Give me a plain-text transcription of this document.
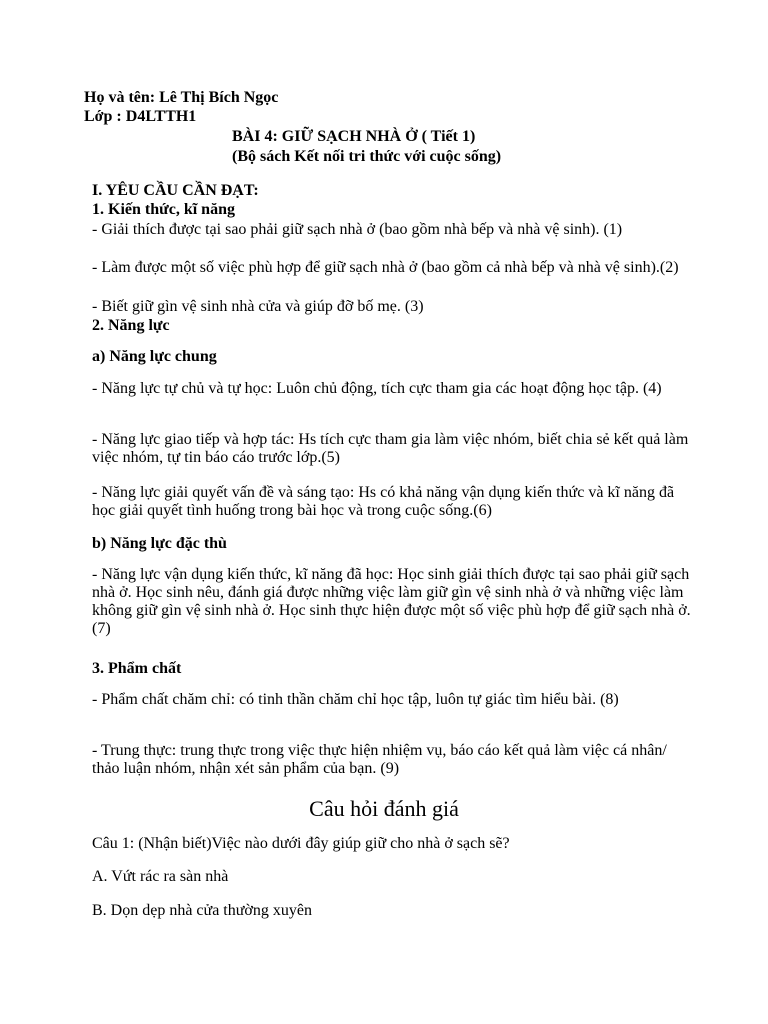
Họ và tên: Lê Thị Bích Ngọc
Lớp : D4LTTH1
BÀI 4: GIỮ SẠCH NHÀ Ở ( Tiết 1)
(Bộ sách Kết nối tri thức với cuộc sống)
I. YÊU CẦU CẦN ĐẠT:
1. Kiến thức, kĩ năng
- Giải thích được tại sao phải giữ sạch nhà ở (bao gồm nhà bếp và nhà vệ sinh). (1)
- Làm được một số việc phù hợp để giữ sạch nhà ở (bao gồm cả nhà bếp và nhà vệ sinh).(2)
- Biết giữ gìn vệ sinh nhà cửa và giúp đỡ bố mẹ. (3)
2. Năng lực
a) Năng lực chung
- Năng lực tự chủ và tự học: Luôn chủ động, tích cực tham gia các hoạt động học tập. (4)
- Năng lực giao tiếp và hợp tác: Hs tích cực tham gia làm việc nhóm, biết chia sẻ kết quả làm việc nhóm, tự tin báo cáo trước lớp.(5)
- Năng lực giải quyết vấn đề và sáng tạo: Hs có khả năng vận dụng kiến thức và kĩ năng đã học giải quyết tình huống trong bài học và trong cuộc sống.(6)
b) Năng lực đặc thù
- Năng lực vận dụng kiến thức, kĩ năng đã học: Học sinh giải thích được tại sao phải giữ sạch nhà ở. Học sinh nêu, đánh giá được những việc làm giữ gìn vệ sinh nhà ở và những việc làm không giữ gìn vệ sinh nhà ở. Học sinh thực hiện được một số việc phù hợp để giữ sạch nhà ở. (7)
3. Phẩm chất
- Phẩm chất chăm chỉ: có tinh thần chăm chỉ học tập, luôn tự giác tìm hiểu bài. (8)
- Trung thực: trung thực trong việc thực hiện nhiệm vụ, báo cáo kết quả làm việc cá nhân/ thảo luận nhóm, nhận xét sản phẩm của bạn. (9)
Câu hỏi đánh giá
Câu 1: (Nhận biết)Việc nào dưới đây giúp giữ cho nhà ở sạch sẽ?
A. Vứt rác ra sàn nhà
B. Dọn dẹp nhà cửa thường xuyên
